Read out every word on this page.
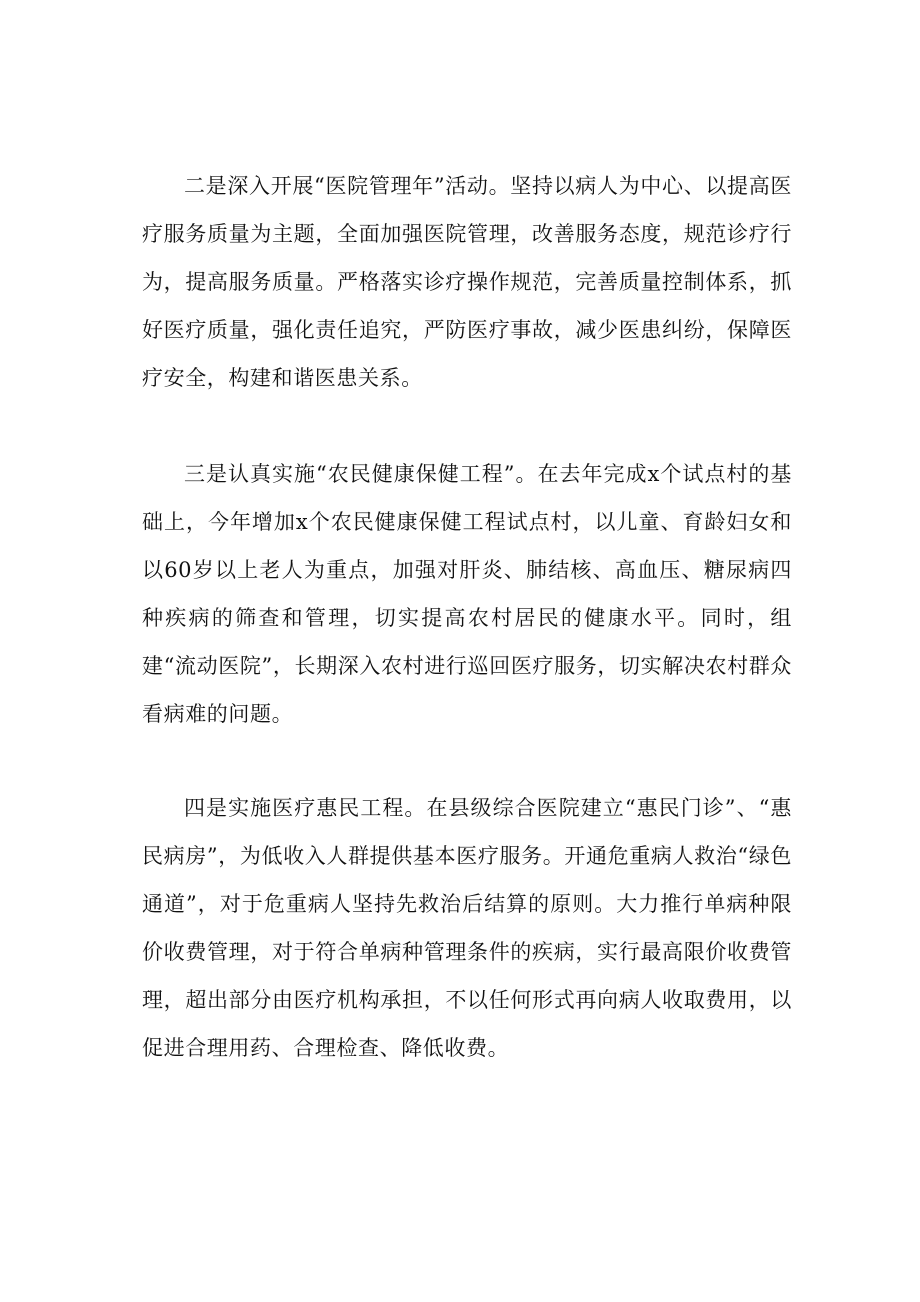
二是深入开展“医院管理年”活动。坚持以病人为中心、以提高医疗服务质量为主题，全面加强医院管理，改善服务态度，规范诊疗行为，提高服务质量。严格落实诊疗操作规范，完善质量控制体系，抓好医疗质量，强化责任追究，严防医疗事故，减少医患纠纷，保障医疗安全，构建和谐医患关系。

三是认真实施“农民健康保健工程”。在去年完成x个试点村的基础上，今年增加x个农民健康保健工程试点村，以儿童、育龄妇女和以60岁以上老人为重点，加强对肝炎、肺结核、高血压、糖尿病四种疾病的筛查和管理，切实提高农村居民的健康水平。同时，组建“流动医院”，长期深入农村进行巡回医疗服务，切实解决农村群众看病难的问题。

四是实施医疗惠民工程。在县级综合医院建立“惠民门诊”、“惠民病房”，为低收入人群提供基本医疗服务。开通危重病人救治“绿色通道”，对于危重病人坚持先救治后结算的原则。大力推行单病种限价收费管理，对于符合单病种管理条件的疾病，实行最高限价收费管理，超出部分由医疗机构承担，不以任何形式再向病人收取费用，以促进合理用药、合理检查、降低收费。
